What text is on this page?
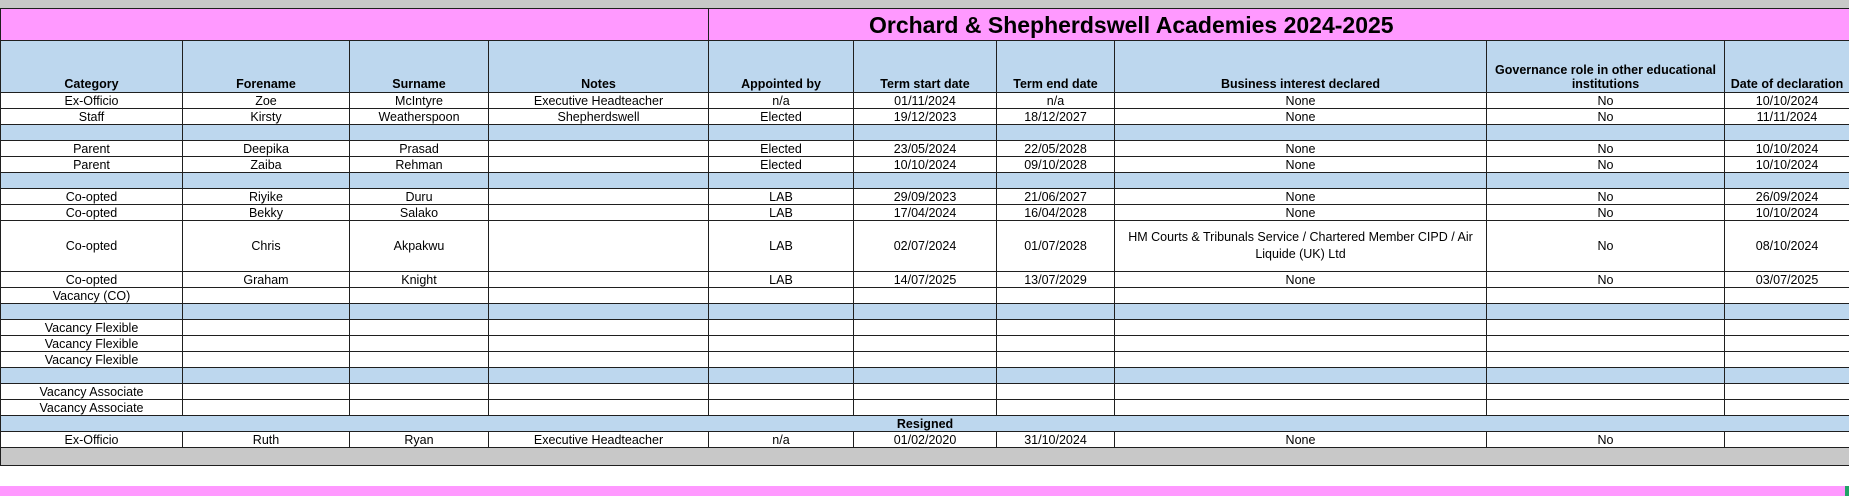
				Orchard & Shepherdswell Academies 2024-2025					
Category	Forename	Surname	Notes	Appointed by	Term start date	Term end date	Business interest declared	Governance role in other educational institutions	Date of declaration
Ex-Officio	Zoe	McIntyre	Executive Headteacher	n/a	01/11/2024	n/a	None	No	10/10/2024
Staff	Kirsty	Weatherspoon	Shepherdswell	Elected	19/12/2023	18/12/2027	None	No	11/11/2024

Parent	Deepika	Prasad		Elected	23/05/2024	22/05/2028	None	No	10/10/2024
Parent	Zaiba	Rehman		Elected	10/10/2024	09/10/2028	None	No	10/10/2024

Co-opted	Riyike	Duru		LAB	29/09/2023	21/06/2027	None	No	26/09/2024
Co-opted	Bekky	Salako		LAB	17/04/2024	16/04/2028	None	No	10/10/2024
Co-opted	Chris	Akpakwu		LAB	02/07/2024	01/07/2028	HM Courts & Tribunals Service / Chartered Member CIPD / Air Liquide (UK) Ltd	No	08/10/2024
Co-opted	Graham	Knight		LAB	14/07/2025	13/07/2029	None	No	03/07/2025
Vacancy (CO)									

Vacancy Flexible									
Vacancy Flexible									
Vacancy Flexible									

Vacancy Associate									
Vacancy Associate									
Resigned									
Ex-Officio	Ruth	Ryan	Executive Headteacher	n/a	01/02/2020	31/10/2024	None	No	
